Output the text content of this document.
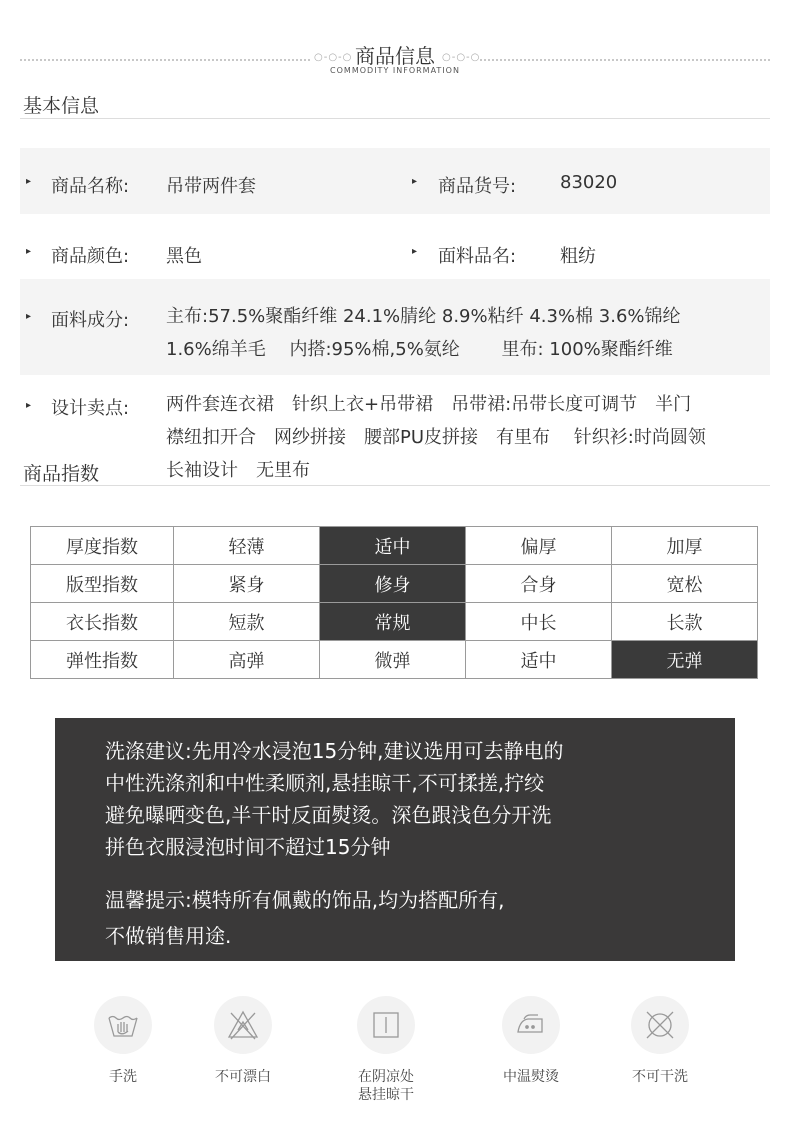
○-○-○	○-○-○
商品信息
COMMODITY INFORMATION
基本信息
▸ 商品名称: 吊带两件套	▸ 商品货号: 83020
▸ 商品颜色: 黑色	▸ 面料品名: 粗纺
▸ 面料成分: 主布:57.5%聚酯纤维 24.1%腈纶 8.9%粘纤 4.3%棉 3.6%锦纶
1.6%绵羊毛　 内搭:95%棉,5%氨纶　　 里布: 100%聚酯纤维
▸ 设计卖点: 两件套连衣裙　针织上衣+吊带裙　吊带裙:吊带长度可调节　半门
襟纽扣开合　网纱拼接　腰部PU皮拼接　有里布　 针织衫:时尚圆领
长袖设计　无里布
商品指数
厚度指数	轻薄	适中	偏厚	加厚
版型指数	紧身	修身	合身	宽松
衣长指数	短款	常规	中长	长款
弹性指数	高弹	微弹	适中	无弹

洗涤建议:先用冷水浸泡15分钟,建议选用可去静电的

中性洗涤剂和中性柔顺剂,悬挂晾干,不可揉搓,拧绞

避免曝晒变色,半干时反面熨烫。深色跟浅色分开洗

拼色衣服浸泡时间不超过15分钟

温馨提示:模特所有佩戴的饰品,均为搭配所有,

不做销售用途.

手洗	不可漂白	在阴凉处
悬挂晾干
中温熨烫	不可干洗
